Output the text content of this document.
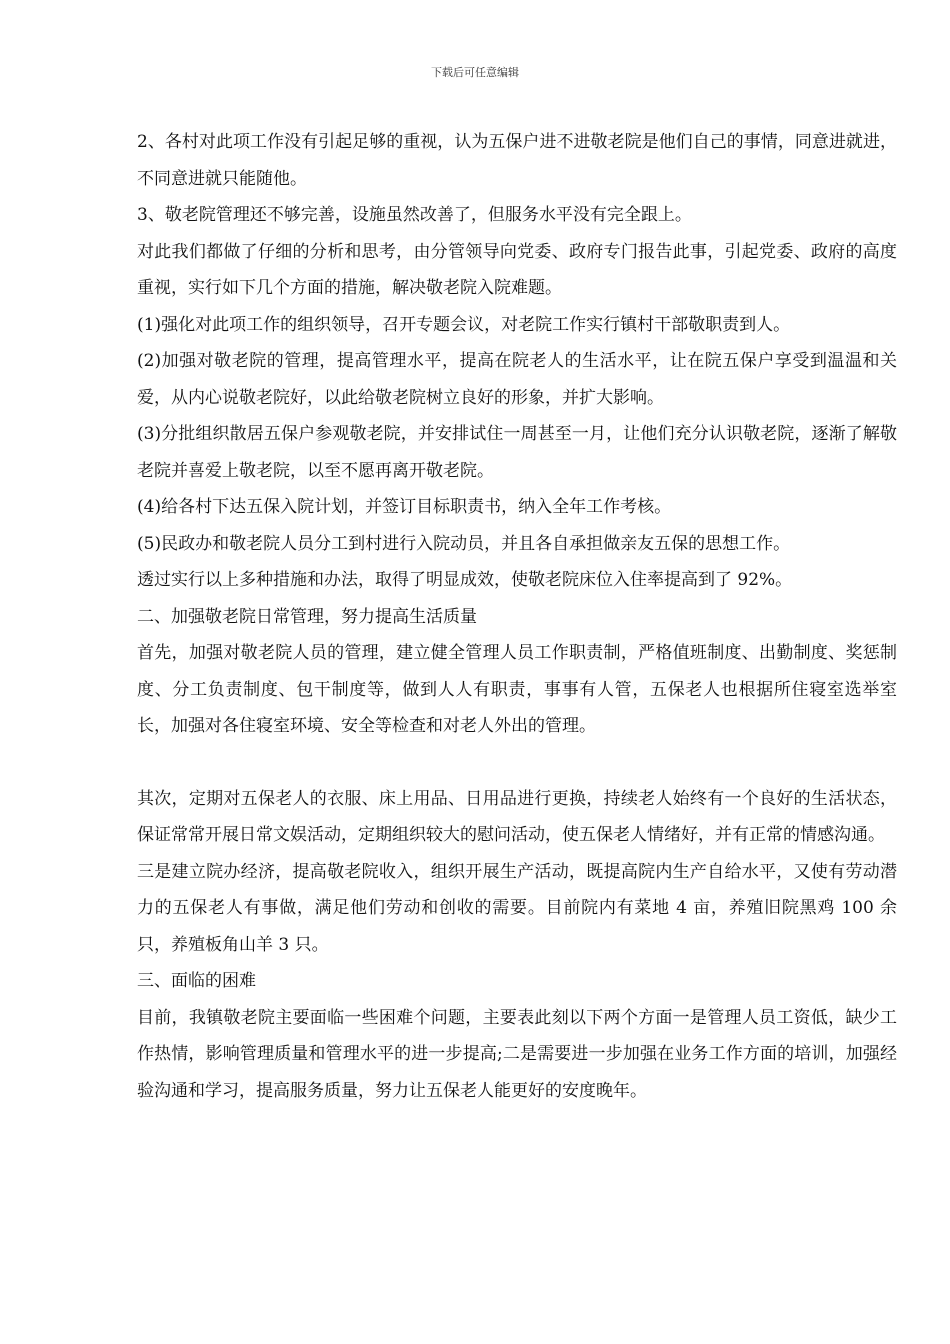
下载后可任意编辑

2、各村对此项工作没有引起足够的重视，认为五保户进不进敬老院是他们自己的事情，同意进就进，不同意进就只能随他。

3、敬老院管理还不够完善，设施虽然改善了，但服务水平没有完全跟上。

对此我们都做了仔细的分析和思考，由分管领导向党委、政府专门报告此事，引起党委、政府的高度重视，实行如下几个方面的措施，解决敬老院入院难题。

(1)强化对此项工作的组织领导，召开专题会议，对老院工作实行镇村干部敬职责到人。

(2)加强对敬老院的管理，提高管理水平，提高在院老人的生活水平，让在院五保户享受到温温和关爱，从内心说敬老院好，以此给敬老院树立良好的形象，并扩大影响。

(3)分批组织散居五保户参观敬老院，并安排试住一周甚至一月，让他们充分认识敬老院，逐渐了解敬老院并喜爱上敬老院，以至不愿再离开敬老院。

(4)给各村下达五保入院计划，并签订目标职责书，纳入全年工作考核。

(5)民政办和敬老院人员分工到村进行入院动员，并且各自承担做亲友五保的思想工作。

透过实行以上多种措施和办法，取得了明显成效，使敬老院床位入住率提高到了 92%。

二、加强敬老院日常管理，努力提高生活质量

首先，加强对敬老院人员的管理，建立健全管理人员工作职责制，严格值班制度、出勤制度、奖惩制度、分工负责制度、包干制度等，做到人人有职责，事事有人管，五保老人也根据所住寝室选举室长，加强对各住寝室环境、安全等检查和对老人外出的管理。

其次，定期对五保老人的衣服、床上用品、日用品进行更换，持续老人始终有一个良好的生活状态，保证常常开展日常文娱活动，定期组织较大的慰问活动，使五保老人情绪好，并有正常的情感沟通。

三是建立院办经济，提高敬老院收入，组织开展生产活动，既提高院内生产自给水平，又使有劳动潜力的五保老人有事做，满足他们劳动和创收的需要。目前院内有菜地 4 亩，养殖旧院黑鸡 100 余只，养殖板角山羊 3 只。

三、面临的困难

目前，我镇敬老院主要面临一些困难个问题，主要表此刻以下两个方面一是管理人员工资低，缺少工作热情，影响管理质量和管理水平的进一步提高;二是需要进一步加强在业务工作方面的培训，加强经验沟通和学习，提高服务质量，努力让五保老人能更好的安度晚年。
